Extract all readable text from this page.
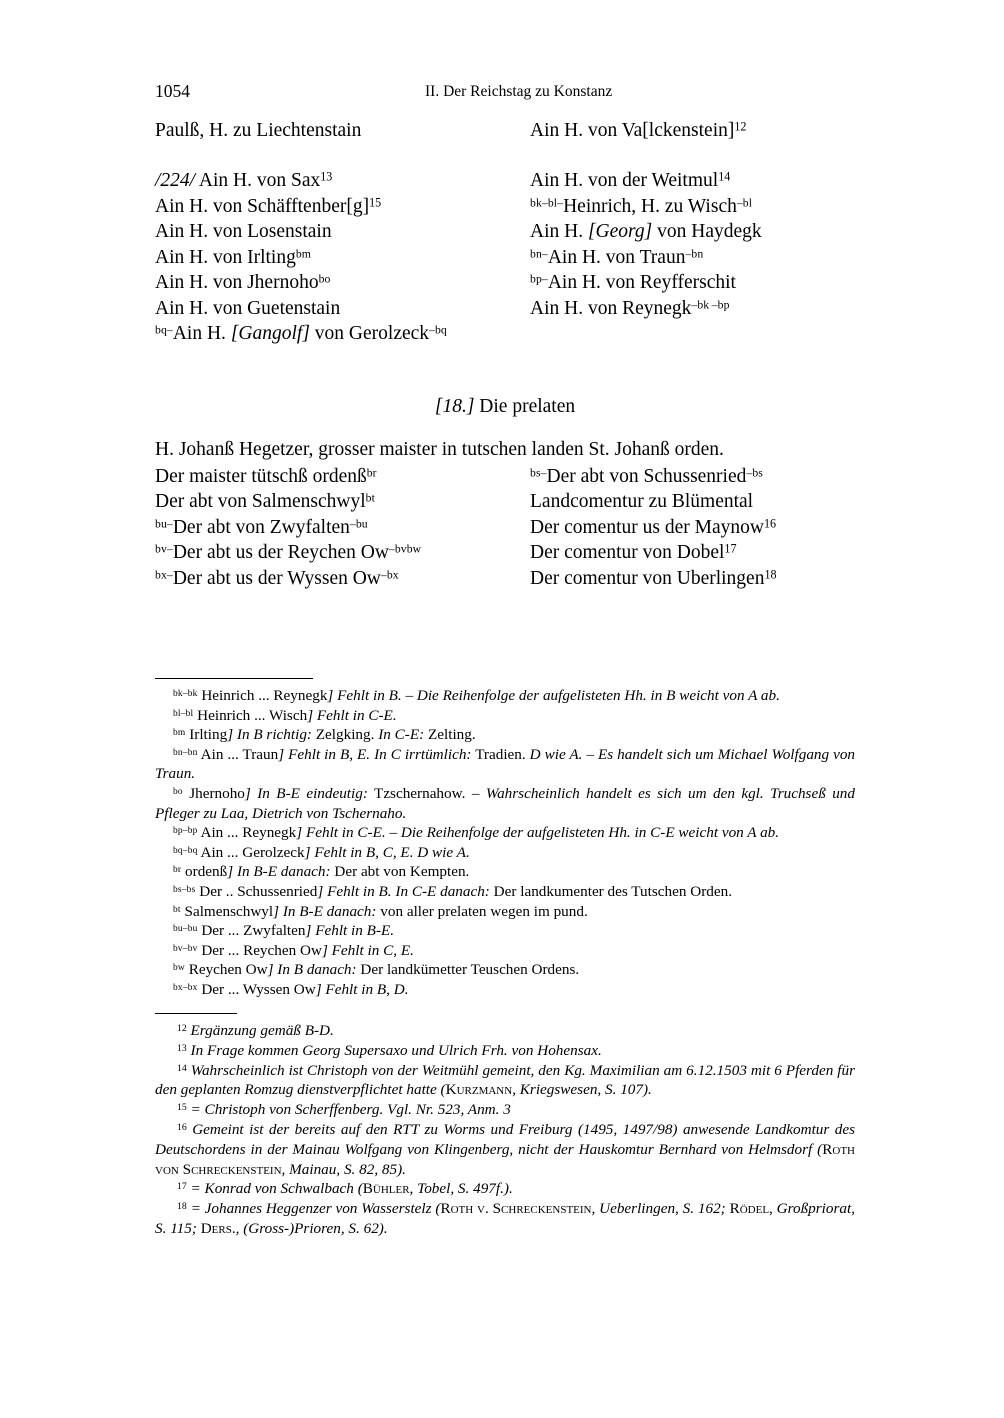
1054	II. Der Reichstag zu Konstanz
Paulß, H. zu Liechtenstain	Ain H. von Va[lckenstein]$^{12}$
/224/ Ain H. von Sax$^{13}$	Ain H. von der Weitmul$^{14}$
Ain H. von $Schäfftenber[g]^{15}$	$^{bk-bl-}$Heinrich, H. zu Wisch$^{-bl}$
Ain H. von Losenstain	Ain H. [Georg] von Haydegk
Ain H. von Irlting$^{bm}$	$^{bn-}$Ain H. von Traun$^{-bn}$
Ain H. von Jhernoho$^{bo}$	$^{bp-}$Ain H. von Reyfferschit
Ain H. von Guetenstain	Ain H. von Reynegk$^{-bk -bp}$
$^{bq-}$Ain H. [Gangolf] von Gerolzeck$^{-bq}$
[18.] Die prelaten
H. Johanß Hegetzer, grosser maister in tutschen landen St. Johanß orden.
Der maister tütschß ordenß$^{br}$	$^{bs-}$Der abt von Schussenried$^{-bs}$
Der abt von Salmenschwyl$^{bt}$	Landcomentur zu Blümental
$^{bu-}$Der abt von Zwyfalten$^{-bu}$	Der comentur us der Maynow$^{16}$
$^{bv-}$Der abt us der Reychen $Ow^{-bvbw}$	Der comentur von Dobel$^{17}$
$^{bx-}$Der abt us der Wyssen $Ow^{-bx}$	Der comentur von Uberlingen$^{18}$

$^{bk-bk}$ Heinrich ... Reynegk] Fehlt in B. – Die Reihenfolge der aufgelisteten Hh. in B weicht von A ab.

$^{bl-bl}$ Heinrich ... Wisch] Fehlt in C-E.

$^{bm}$ Irlting] In B richtig: Zelgking. In C-E: Zelting.

$^{bn-bn}$ Ain ... Traun] Fehlt in B, E. In C irrtümlich: Tradien. D wie A. – Es handelt sich um Michael Wolfgang von Traun.

$^{bo}$ Jhernoho] In B-E eindeutig: Tzschernahow. – Wahrscheinlich handelt es sich um den kgl. Truchseß und Pfleger zu Laa, Dietrich von Tschernaho.

$^{bp-bp}$ Ain ... Reynegk] Fehlt in C-E. – Die Reihenfolge der aufgelisteten Hh. in C-E weicht von A ab.

$^{bq-bq}$ Ain ... Gerolzeck] Fehlt in B, C, E. D wie A.

$^{br}$ ordenß] In B-E danach: Der abt von Kempten.

$^{bs-bs}$ Der .. Schussenried] Fehlt in B. In C-E danach: Der landkumenter des Tutschen Orden.

$^{bt}$ Salmenschwyl] In B-E danach: von aller prelaten wegen im pund.

$^{bu-bu}$ Der ... Zwyfalten] Fehlt in B-E.

$^{bv-bv}$ Der ... Reychen Ow] Fehlt in C, E.

$^{bw}$ Reychen Ow] In B danach: Der landkümetter Teuschen Ordens.

$^{bx-bx}$ Der ... Wyssen Ow] Fehlt in B, D.

$^{12}$ Ergänzung gemäß B-D.

$^{13}$ In Frage kommen Georg Supersaxo und Ulrich Frh. von Hohensax.

$^{14}$ Wahrscheinlich ist Christoph von der Weitmühl gemeint, den Kg. Maximilian am 6.12.1503 mit 6 Pferden für den geplanten Romzug dienstverpflichtet hatte (Kurzmann, Kriegswesen, S. 107).

$^{15}$ = Christoph von Scherffenberg. Vgl. Nr. 523, Anm. 3

$^{16}$ Gemeint ist der bereits auf den RTT zu Worms und Freiburg (1495, 1497/98) anwesende Landkomtur des Deutschordens in der Mainau Wolfgang von Klingenberg, nicht der Hauskomtur Bernhard von Helmsdorf (Roth von Schreckenstein, Mainau, S. 82, 85).

$^{17}$ = Konrad von Schwalbach (Bühler, Tobel, S. 497f.).

$^{18}$ = Johannes Heggenzer von Wasserstelz (Roth v. Schreckenstein, Ueberlingen, S. 162; Rödel, Großpriorat, S. 115; Ders., (Gross-)Prioren, S. 62).
